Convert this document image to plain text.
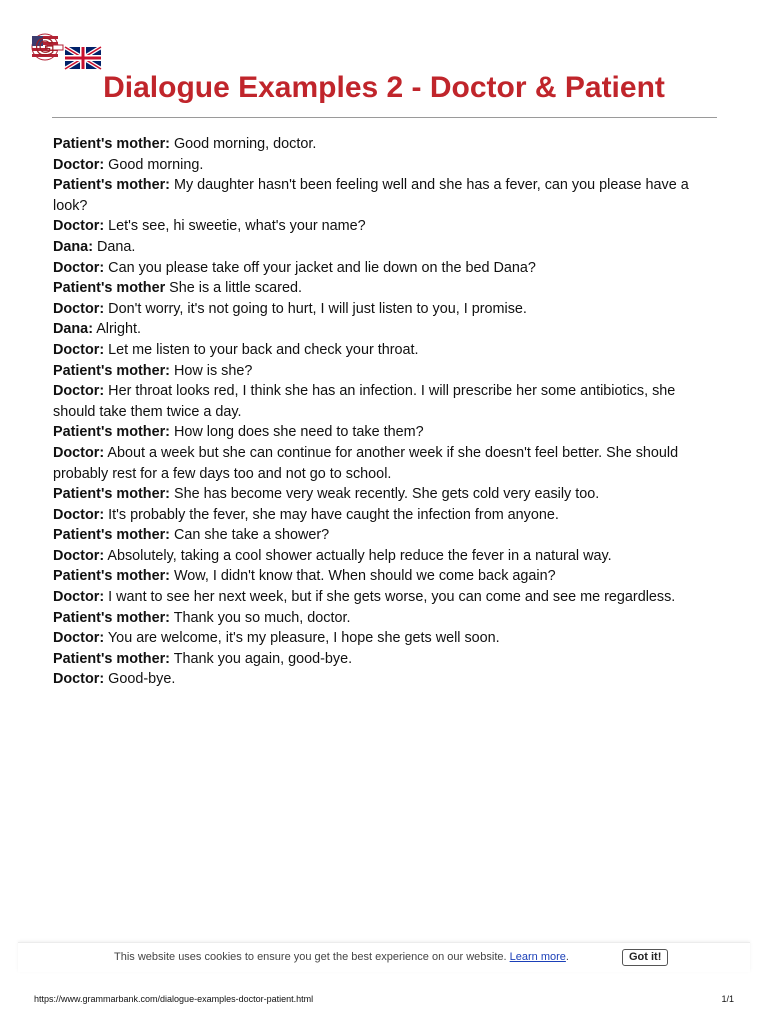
G
Dialogue Examples 2 - Doctor & Patient

Patient's mother: Good morning, doctor.

Doctor: Good morning.

Patient's mother: My daughter hasn't been feeling well and she has a fever, can you please have a look?

Doctor: Let's see, hi sweetie, what's your name?

Dana: Dana.

Doctor: Can you please take off your jacket and lie down on the bed Dana?

Patient's mother She is a little scared.

Doctor: Don't worry, it's not going to hurt, I will just listen to you, I promise.

Dana: Alright.

Doctor: Let me listen to your back and check your throat.

Patient's mother: How is she?

Doctor: Her throat looks red, I think she has an infection. I will prescribe her some antibiotics, she should take them twice a day.

Patient's mother: How long does she need to take them?

Doctor: About a week but she can continue for another week if she doesn't feel better. She should probably rest for a few days too and not go to school.

Patient's mother: She has become very weak recently. She gets cold very easily too.

Doctor: It's probably the fever, she may have caught the infection from anyone.

Patient's mother: Can she take a shower?

Doctor: Absolutely, taking a cool shower actually help reduce the fever in a natural way.

Patient's mother: Wow, I didn't know that. When should we come back again?

Doctor: I want to see her next week, but if she gets worse, you can come and see me regardless.

Patient's mother: Thank you so much, doctor.

Doctor: You are welcome, it's my pleasure, I hope she gets well soon.

Patient's mother: Thank you again, good-bye.

Doctor: Good-bye.

This website uses cookies to ensure you get the best experience on our website. Learn more.	Got it!
https://www.grammarbank.com/dialogue-examples-doctor-patient.html	1/1
